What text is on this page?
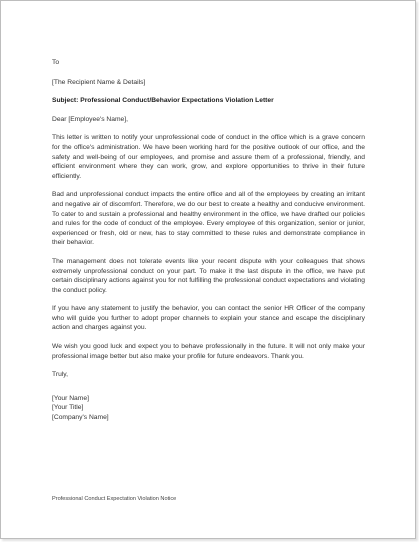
To

[The Recipient Name & Details]

Subject: Professional Conduct/Behavior Expectations Violation Letter

Dear [Employee's Name],

This letter is written to notify your unprofessional code of conduct in the office which is a grave concern for the office's administration. We have been working hard for the positive outlook of our office, and the safety and well-being of our employees, and promise and assure them of a professional, friendly, and efficient environment where they can work, grow, and explore opportunities to thrive in their future efficiently.

Bad and unprofessional conduct impacts the entire office and all of the employees by creating an irritant and negative air of discomfort. Therefore, we do our best to create a healthy and conducive environment. To cater to and sustain a professional and healthy environment in the office, we have drafted our policies and rules for the code of conduct of the employee. Every employee of this organization, senior or junior, experienced or fresh, old or new, has to stay committed to these rules and demonstrate compliance in their behavior.

The management does not tolerate events like your recent dispute with your colleagues that shows extremely unprofessional conduct on your part. To make it the last dispute in the office, we have put certain disciplinary actions against you for not fulfilling the professional conduct expectations and violating the conduct policy.

If you have any statement to justify the behavior, you can contact the senior HR Officer of the company who will guide you further to adopt proper channels to explain your stance and escape the disciplinary action and charges against you.

We wish you good luck and expect you to behave professionally in the future. It will not only make your professional image better but also make your profile for future endeavors. Thank you.

Truly,

[Your Name]

[Your Title]

[Company's Name]

Professional Conduct Expectation Violation Notice
